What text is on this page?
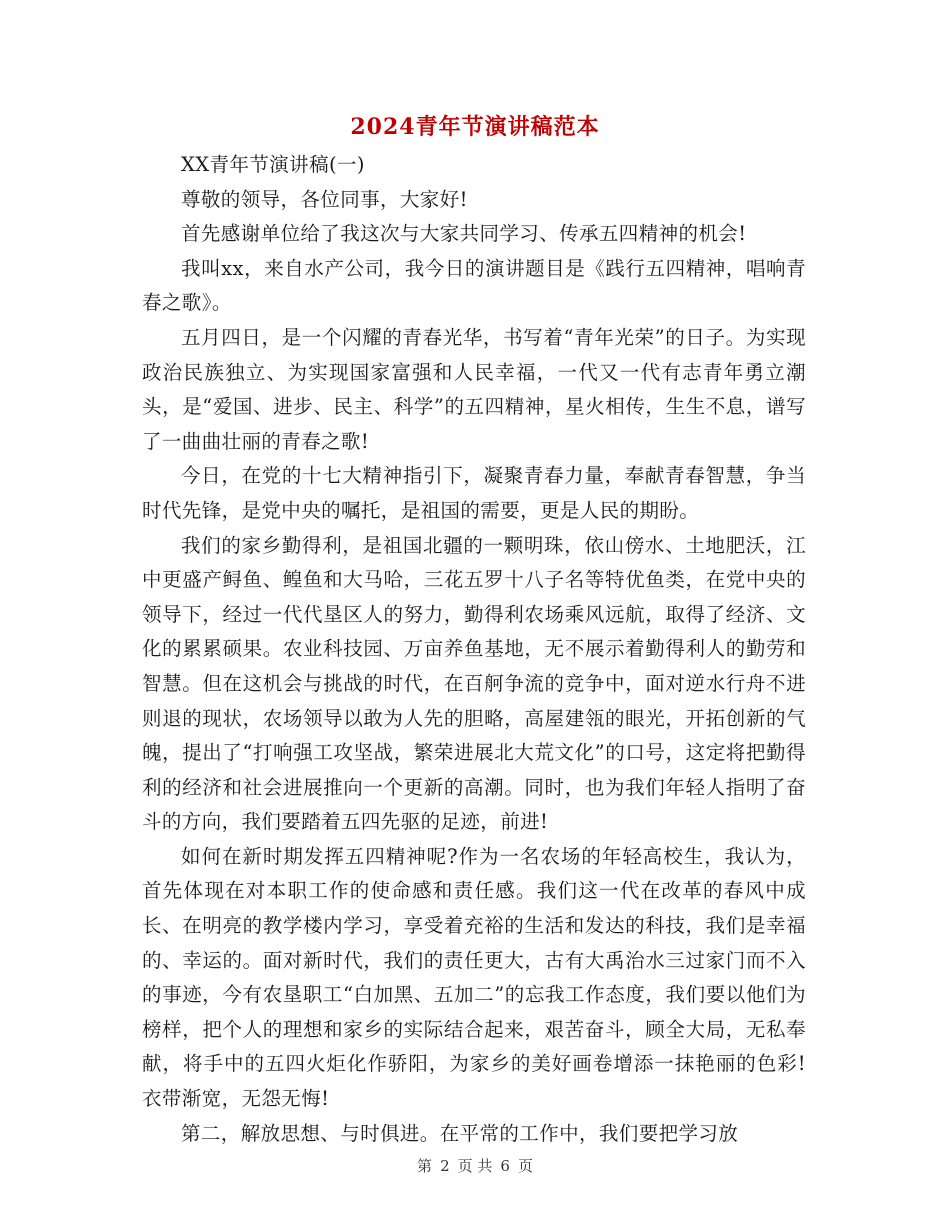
2024青年节演讲稿范本

XX青年节演讲稿(一)

尊敬的领导，各位同事，大家好!

首先感谢单位给了我这次与大家共同学习、传承五四精神的机会!

我叫xx，来自水产公司，我今日的演讲题目是《践行五四精神，唱响青春之歌》。

五月四日，是一个闪耀的青春光华，书写着“青年光荣”的日子。为实现政治民族独立、为实现国家富强和人民幸福，一代又一代有志青年勇立潮头，是“爱国、进步、民主、科学”的五四精神，星火相传，生生不息，谱写了一曲曲壮丽的青春之歌!

今日，在党的十七大精神指引下，凝聚青春力量，奉献青春智慧，争当时代先锋，是党中央的嘱托，是祖国的需要，更是人民的期盼。

我们的家乡勤得利，是祖国北疆的一颗明珠，依山傍水、土地肥沃，江中更盛产鲟鱼、鳇鱼和大马哈，三花五罗十八子名等特优鱼类，在党中央的领导下，经过一代代垦区人的努力，勤得利农场乘风远航，取得了经济、文化的累累硕果。农业科技园、万亩养鱼基地，无不展示着勤得利人的勤劳和智慧。但在这机会与挑战的时代，在百舸争流的竞争中，面对逆水行舟不进则退的现状，农场领导以敢为人先的胆略，高屋建瓴的眼光，开拓创新的气魄，提出了“打响强工攻坚战，繁荣进展北大荒文化”的口号，这定将把勤得利的经济和社会进展推向一个更新的高潮。同时，也为我们年轻人指明了奋斗的方向，我们要踏着五四先驱的足迹，前进!

如何在新时期发挥五四精神呢?作为一名农场的年轻高校生，我认为，首先体现在对本职工作的使命感和责任感。我们这一代在改革的春风中成长、在明亮的教学楼内学习，享受着充裕的生活和发达的科技，我们是幸福的、幸运的。面对新时代，我们的责任更大，古有大禹治水三过家门而不入的事迹，今有农垦职工“白加黑、五加二”的忘我工作态度，我们要以他们为榜样，把个人的理想和家乡的实际结合起来，艰苦奋斗，顾全大局，无私奉献，将手中的五四火炬化作骄阳，为家乡的美好画卷增添一抹艳丽的色彩!衣带渐宽，无怨无悔!

第二，解放思想、与时俱进。在平常的工作中，我们要把学习放

第 2 页 共 6 页
